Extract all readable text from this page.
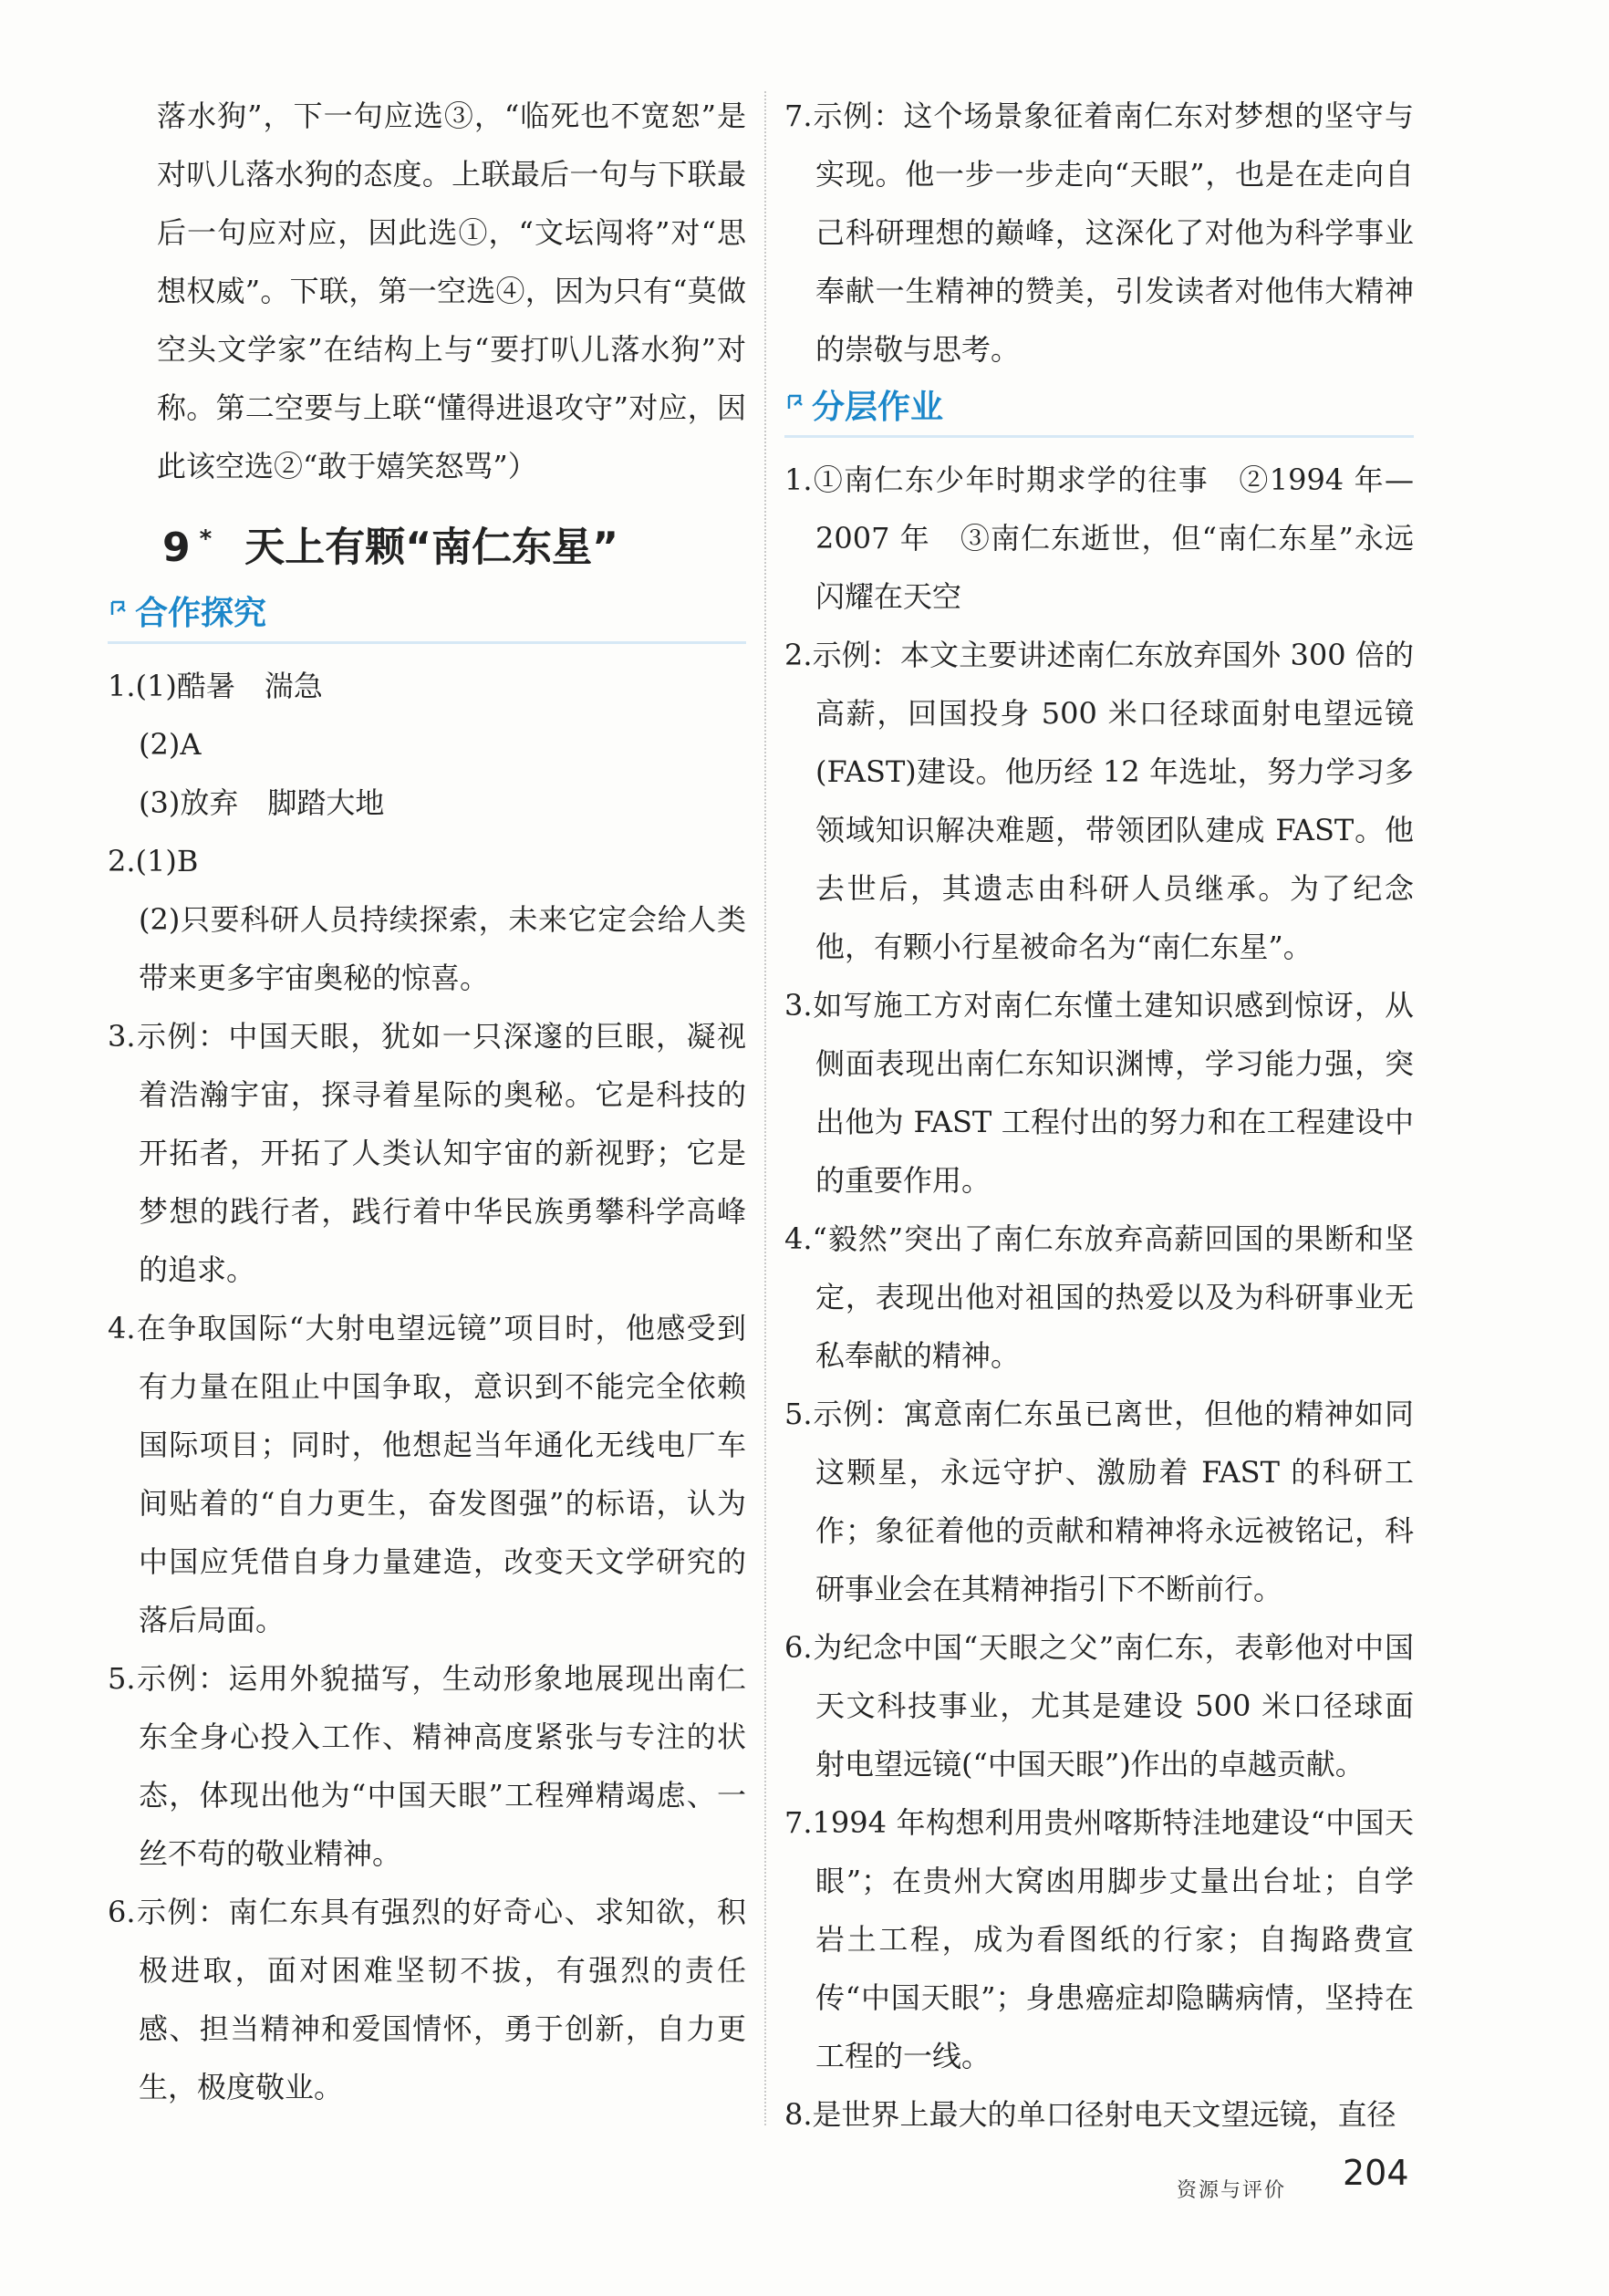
落水狗”，下一句应选③，“临死也不宽恕”是对叭儿落水狗的态度。上联最后一句与下联最后一句应对应，因此选①，“文坛闯将”对“思想权威”。下联，第一空选④，因为只有“莫做空头文学家”在结构上与“要打叭儿落水狗”对称。第二空要与上联“懂得进退攻守”对应，因此该空选②“敢于嬉笑怒骂”）

9 * 天上有颗“南仁东星”
合作探究

1.(1)酷暑　湍急

(2)A

(3)放弃　脚踏大地

2.(1)B

(2)只要科研人员持续探索，未来它定会给人类带来更多宇宙奥秘的惊喜。

3.示例：中国天眼，犹如一只深邃的巨眼，凝视着浩瀚宇宙，探寻着星际的奥秘。它是科技的开拓者，开拓了人类认知宇宙的新视野；它是梦想的践行者，践行着中华民族勇攀科学高峰的追求。

4.在争取国际“大射电望远镜”项目时，他感受到有力量在阻止中国争取，意识到不能完全依赖国际项目；同时，他想起当年通化无线电厂车间贴着的“自力更生，奋发图强”的标语，认为中国应凭借自身力量建造，改变天文学研究的落后局面。

5.示例：运用外貌描写，生动形象地展现出南仁东全身心投入工作、精神高度紧张与专注的状态，体现出他为“中国天眼”工程殚精竭虑、一丝不苟的敬业精神。

6.示例：南仁东具有强烈的好奇心、求知欲，积极进取，面对困难坚韧不拔，有强烈的责任感、担当精神和爱国情怀，勇于创新，自力更生，极度敬业。

7.示例：这个场景象征着南仁东对梦想的坚守与实现。他一步一步走向“天眼”，也是在走向自己科研理想的巅峰，这深化了对他为科学事业奉献一生精神的赞美，引发读者对他伟大精神的崇敬与思考。

分层作业

1.①南仁东少年时期求学的往事　②1994 年—2007 年　③南仁东逝世，但“南仁东星”永远闪耀在天空

2.示例：本文主要讲述南仁东放弃国外 300 倍的高薪，回国投身 500 米口径球面射电望远镜(FAST)建设。他历经 12 年选址，努力学习多领域知识解决难题，带领团队建成 FAST。他去世后，其遗志由科研人员继承。为了纪念他，有颗小行星被命名为“南仁东星”。

3.如写施工方对南仁东懂土建知识感到惊讶，从侧面表现出南仁东知识渊博，学习能力强，突出他为 FAST 工程付出的努力和在工程建设中的重要作用。

4.“毅然”突出了南仁东放弃高薪回国的果断和坚定，表现出他对祖国的热爱以及为科研事业无私奉献的精神。

5.示例：寓意南仁东虽已离世，但他的精神如同这颗星，永远守护、激励着 FAST 的科研工作；象征着他的贡献和精神将永远被铭记，科研事业会在其精神指引下不断前行。

6.为纪念中国“天眼之父”南仁东，表彰他对中国天文科技事业，尤其是建设 500 米口径球面射电望远镜(“中国天眼”)作出的卓越贡献。

7.1994 年构想利用贵州喀斯特洼地建设“中国天眼”；在贵州大窝凼用脚步丈量出台址；自学岩土工程，成为看图纸的行家；自掏路费宣传“中国天眼”；身患癌症却隐瞒病情，坚持在工程的一线。

8.是世界上最大的单口径射电天文望远镜，直径

资源与评价 204
